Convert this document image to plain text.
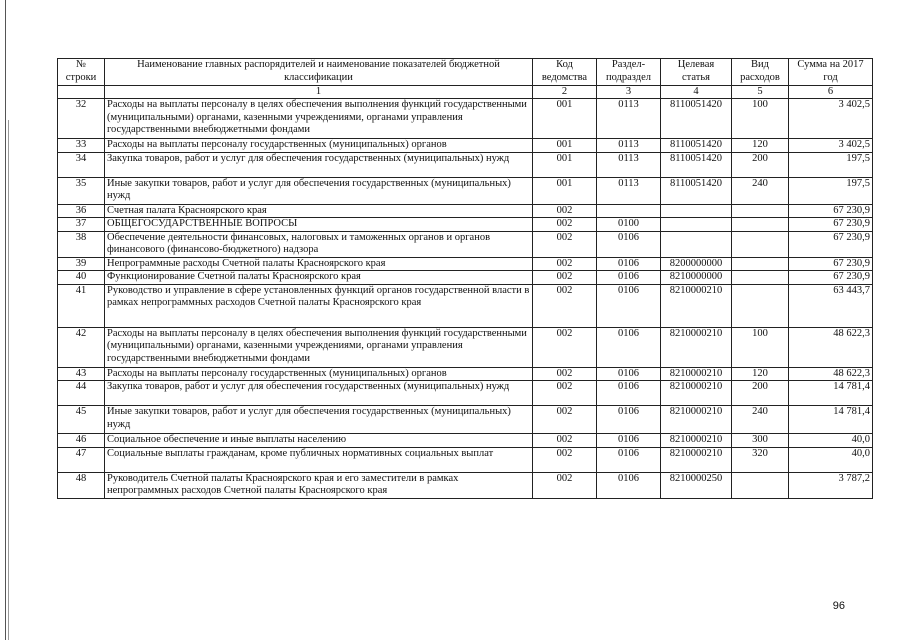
№ строки	Наименование главных распорядителей и наименование показателей бюджетной классификации	Код ведомства	Раздел-подраздел	Целевая статья	Вид расходов	Сумма на 2017 год
	1	2	3	4	5	6
32	Расходы на выплаты персоналу в целях обеспечения выполнения функций государственными (муниципальными) органами, казенными учреждениями, органами управления государственными внебюджетными фондами	001	0113	8110051420	100	3 402,5
33	Расходы на выплаты персоналу государственных (муниципальных) органов	001	0113	8110051420	120	3 402,5
34	Закупка товаров, работ и услуг для обеспечения государственных (муниципальных) нужд	001	0113	8110051420	200	197,5
35	Иные закупки товаров, работ и услуг для обеспечения государственных (муниципальных) нужд	001	0113	8110051420	240	197,5
36	Счетная палата Красноярского края	002				67 230,9
37	ОБЩЕГОСУДАРСТВЕННЫЕ ВОПРОСЫ	002	0100			67 230,9
38	Обеспечение деятельности финансовых, налоговых и таможенных органов и органов финансового (финансово-бюджетного) надзора	002	0106			67 230,9
39	Непрограммные расходы Счетной палаты Красноярского края	002	0106	8200000000		67 230,9
40	Функционирование Счетной палаты Красноярского края	002	0106	8210000000		67 230,9
41	Руководство и управление в сфере установленных функций органов государственной власти в рамках непрограммных расходов Счетной палаты Красноярского края	002	0106	8210000210		63 443,7
42	Расходы на выплаты персоналу в целях обеспечения выполнения функций государственными (муниципальными) органами, казенными учреждениями, органами управления государственными внебюджетными фондами	002	0106	8210000210	100	48 622,3
43	Расходы на выплаты персоналу государственных (муниципальных) органов	002	0106	8210000210	120	48 622,3
44	Закупка товаров, работ и услуг для обеспечения государственных (муниципальных) нужд	002	0106	8210000210	200	14 781,4
45	Иные закупки товаров, работ и услуг для обеспечения государственных (муниципальных) нужд	002	0106	8210000210	240	14 781,4
46	Социальное обеспечение и иные выплаты населению	002	0106	8210000210	300	40,0
47	Социальные выплаты гражданам, кроме публичных нормативных социальных выплат	002	0106	8210000210	320	40,0
48	Руководитель Счетной палаты Красноярского края и его заместители в рамках непрограммных расходов Счетной палаты Красноярского края	002	0106	8210000250		3 787,2
96
